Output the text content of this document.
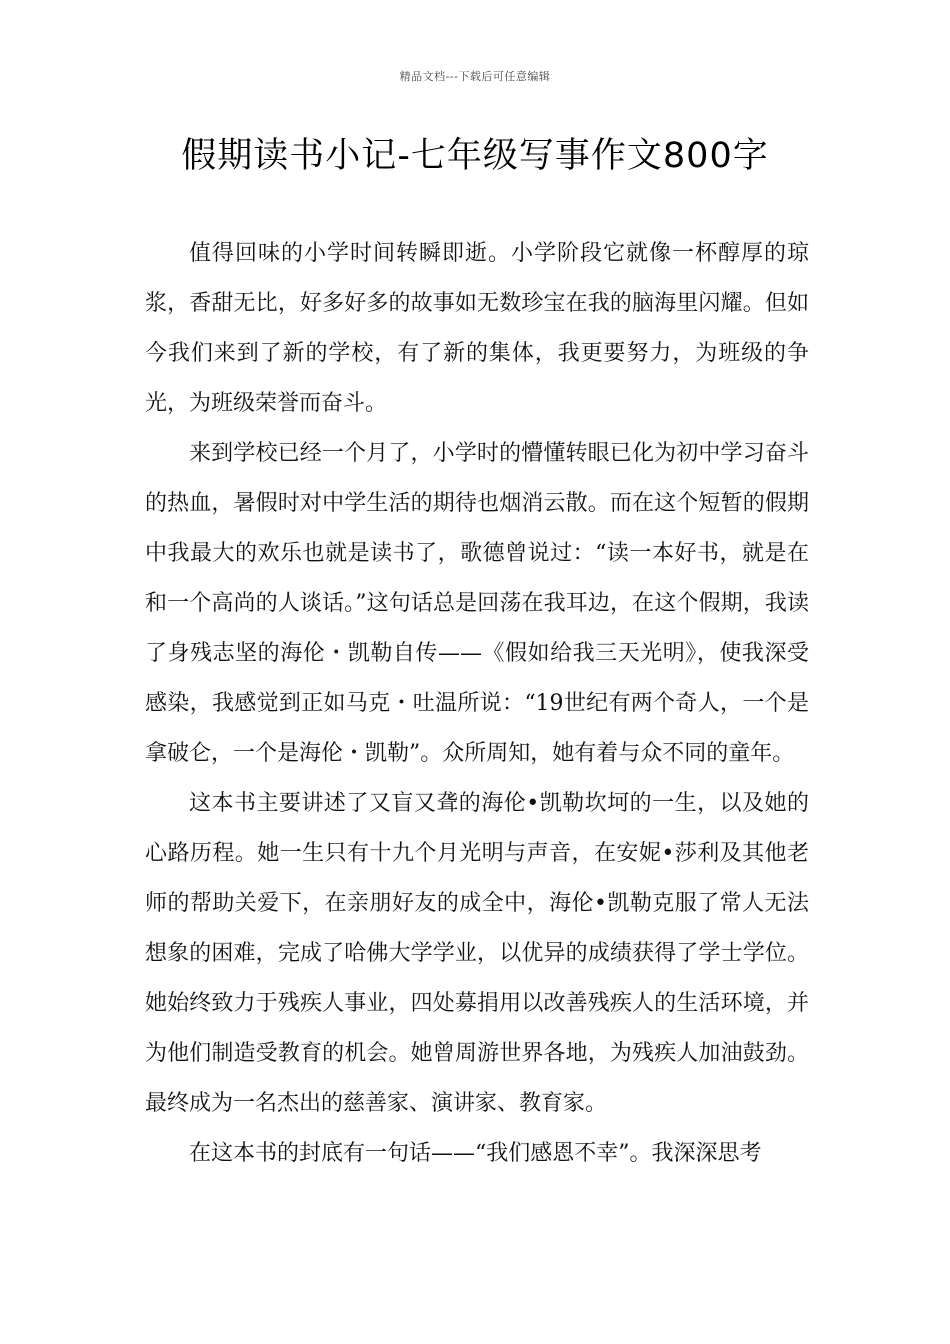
精品文档---下载后可任意编辑
假期读书小记-七年级写事作文800字

值得回味的小学时间转瞬即逝。小学阶段它就像一杯醇厚的琼浆，香甜无比，好多好多的故事如无数珍宝在我的脑海里闪耀。但如今我们来到了新的学校，有了新的集体，我更要努力，为班级的争光，为班级荣誉而奋斗。

来到学校已经一个月了，小学时的懵懂转眼已化为初中学习奋斗的热血，暑假时对中学生活的期待也烟消云散。而在这个短暂的假期中我最大的欢乐也就是读书了，歌德曾说过：“读一本好书，就是在和一个高尚的人谈话。”这句话总是回荡在我耳边，在这个假期，我读了身残志坚的海伦・凯勒自传——《假如给我三天光明》，使我深受感染，我感觉到正如马克・吐温所说：“19世纪有两个奇人，一个是拿破仑，一个是海伦・凯勒”。众所周知，她有着与众不同的童年。

这本书主要讲述了又盲又聋的海伦•凯勒坎坷的一生，以及她的心路历程。她一生只有十九个月光明与声音，在安妮•莎利及其他老师的帮助关爱下，在亲朋好友的成全中，海伦•凯勒克服了常人无法想象的困难，完成了哈佛大学学业，以优异的成绩获得了学士学位。她始终致力于残疾人事业，四处募捐用以改善残疾人的生活环境，并为他们制造受教育的机会。她曾周游世界各地，为残疾人加油鼓劲。最终成为一名杰出的慈善家、演讲家、教育家。

在这本书的封底有一句话——“我们感恩不幸”。我深深思考
